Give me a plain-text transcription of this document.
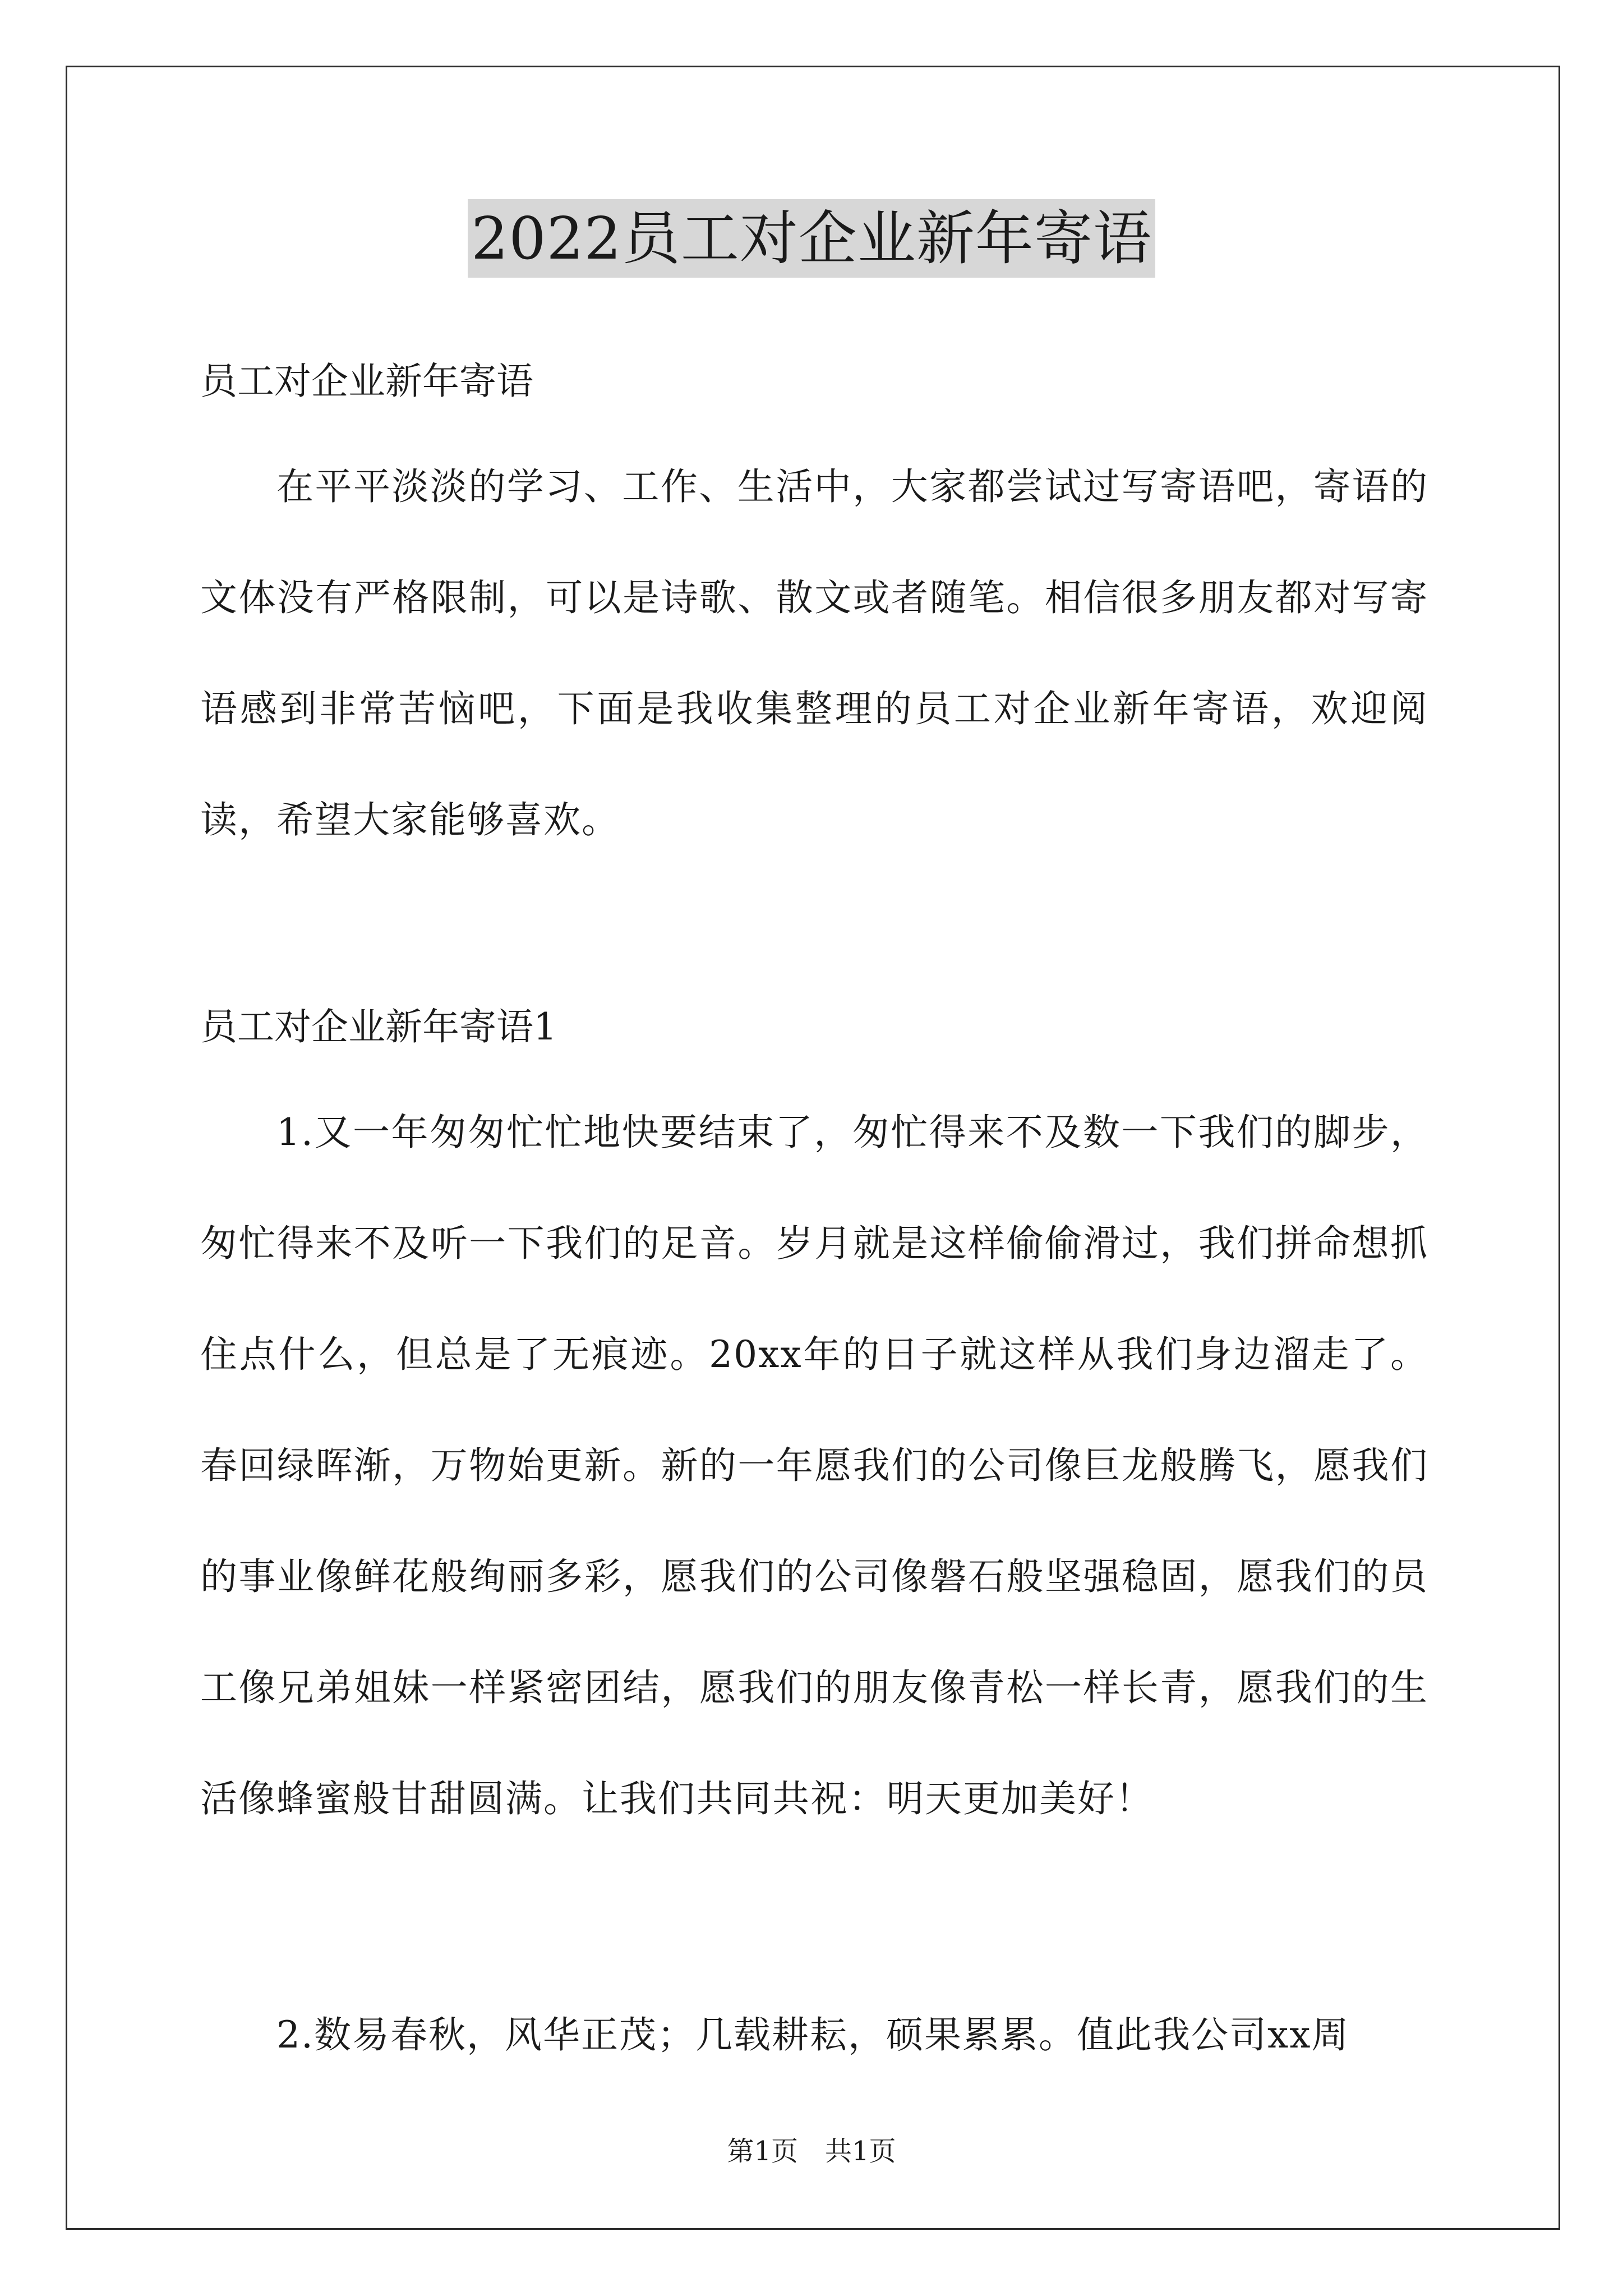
2022员工对企业新年寄语
员工对企业新年寄语
在平平淡淡的学习、工作、生活中，大家都尝试过写寄语吧，寄语的文体没有严格限制，可以是诗歌、散文或者随笔。相信很多朋友都对写寄语感到非常苦恼吧，下面是我收集整理的员工对企业新年寄语，欢迎阅读，希望大家能够喜欢。
员工对企业新年寄语1
1.又一年匆匆忙忙地快要结束了，匆忙得来不及数一下我们的脚步，匆忙得来不及听一下我们的足音。岁月就是这样偷偷滑过，我们拼命想抓住点什么，但总是了无痕迹。20xx年的日子就这样从我们身边溜走了。春回绿晖渐，万物始更新。新的一年愿我们的公司像巨龙般腾飞，愿我们的事业像鲜花般绚丽多彩，愿我们的公司像磐石般坚强稳固，愿我们的员工像兄弟姐妹一样紧密团结，愿我们的朋友像青松一样长青，愿我们的生活像蜂蜜般甘甜圆满。让我们共同共祝：明天更加美好！
2.数易春秋，风华正茂；几载耕耘，硕果累累。值此我公司xx周
第1页　共1页
